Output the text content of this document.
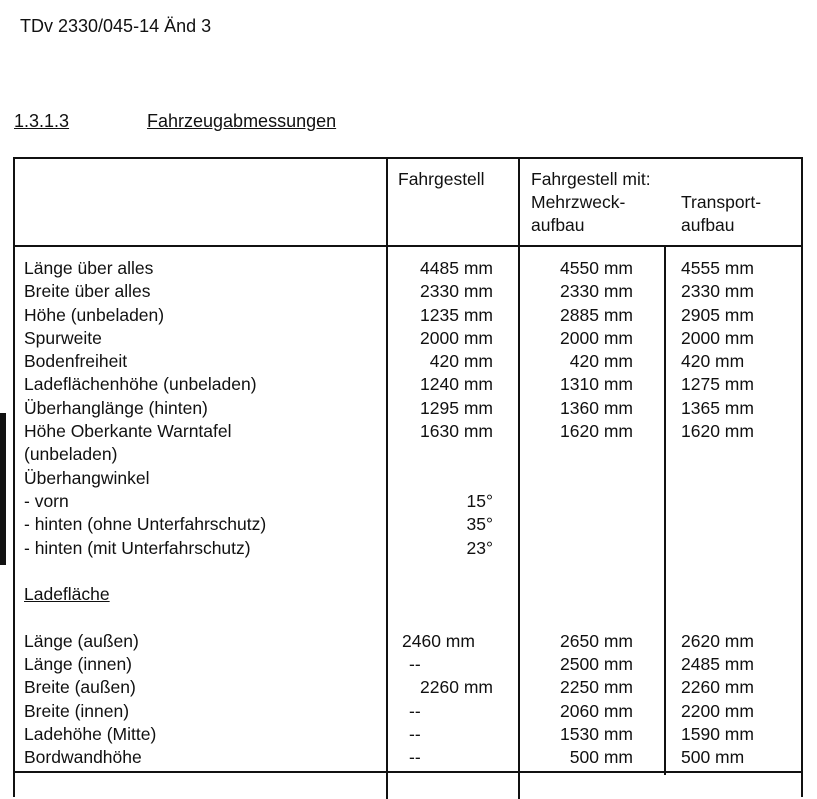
TDv 2330/045-14 Änd 3
1.3.1.3	Fahrzeugabmessungen
Fahrgestell	Fahrgestell mit:
Mehrzweck-
aufbau
Transport-
aufbau
Länge über alles
Breite über alles
Höhe (unbeladen)
Spurweite
Bodenfreiheit
Ladeflächenhöhe (unbeladen)
Überhanglänge (hinten)
Höhe Oberkante Warntafel
(unbeladen)
Überhangwinkel
- vorn
- hinten (ohne Unterfahrschutz)
- hinten (mit Unterfahrschutz)
Ladefläche
Länge (außen)
Länge (innen)
Breite (außen)
Breite (innen)
Ladehöhe (Mitte)
Bordwandhöhe
4485 mm
2330 mm
1235 mm
2000 mm
420 mm
1240 mm
1295 mm
1630 mm
15°
35°
23°
2460 mm
--
2260 mm
--
--
--
4550 mm
2330 mm
2885 mm
2000 mm
420 mm
1310 mm
1360 mm
1620 mm
2650 mm
2500 mm
2250 mm
2060 mm
1530 mm
500 mm
4555 mm
2330 mm
2905 mm
2000 mm
420 mm
1275 mm
1365 mm
1620 mm
2620 mm
2485 mm
2260 mm
2200 mm
1590 mm
500 mm
